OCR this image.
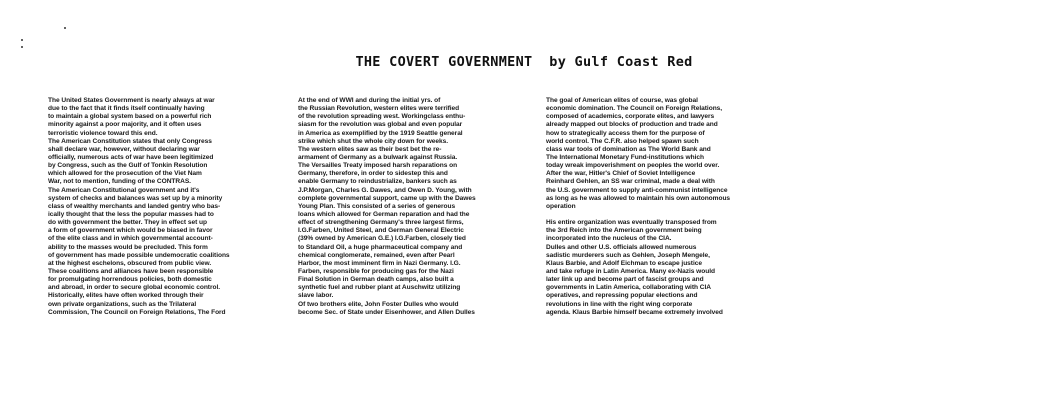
THE COVERT GOVERNMENT  by Gulf Coast Red
The United States Government is nearly always at war
due to the fact that it finds itself continually having
to maintain a global system based on a powerful rich
minority against a poor majority, and it often uses
terroristic violence toward this end.
The American Constitution states that only Congress
shall declare war, however, without declaring war
officially, numerous acts of war have been legitimized
by Congress, such as the Gulf of Tonkin Resolution
which allowed for the prosecution of the Viet Nam
War, not to mention, funding of the CONTRAS.
The American Constitutional government and it's
system of checks and balances was set up by a minority
class of wealthy merchants and landed gentry who bas-
ically thought that the less the popular masses had to
do with government the better. They in effect set up
a form of government which would be biased in favor
of the elite class and in which governmental account-
ability to the masses would be precluded. This form
of government has made possible undemocratic coalitions
at the highest eschelons, obscured from public view.
These coalitions and alliances have been responsible
for promulgating horrendous policies, both domestic
and abroad, in order to secure global economic control.
Historically, elites have often worked through their
own private organizations, such as the Trilateral
Commission, The Council on Foreign Relations, The Ford
At the end of WWI and during the initial yrs. of
the Russian Revolution, western elites were terrified
of the revolution spreading west. Workingclass enthu-
siasm for the revolution was global and even popular
in America as exemplified by the 1919 Seattle general
strike which shut the whole city down for weeks.
The western elites saw as their best bet the re-
armament of Germany as a bulwark against Russia.
The Versailles Treaty imposed harsh reparations on
Germany, therefore, in order to sidestep this and
enable Germany to reindustrialize, bankers such as
J.P.Morgan, Charles G. Dawes, and Owen D. Young, with
complete governmental support, came up with the Dawes
Young Plan. This consisted of a series of generous
loans which allowed for German reparation and had the
effect of strengthening Germany's three largest firms,
I.G.Farben, United Steel, and German General Electric
(39% owned by American G.E.) I.G.Farben, closely tied
to Standard Oil, a huge pharmaceutical company and
chemical conglomerate, remained, even after Pearl
Harbor, the most imminent firm in Nazi Germany. I.G.
Farben, responsible for producing gas for the Nazi
Final Solution in German death camps, also built a
synthetic fuel and rubber plant at Auschwitz utilizing
slave labor.
Of two brothers elite, John Foster Dulles who would
become Sec. of State under Eisenhower, and Allen Dulles
The goal of American elites of course, was global
economic domination. The Council on Foreign Relations,
composed of academics, corporate elites, and lawyers
already mapped out blocks of production and trade and
how to strategically access them for the purpose of
world control. The C.F.R. also helped spawn such
class war tools of domination as The World Bank and
The International Monetary Fund-institutions which
today wreak impoverishment on peoples the world over.
After the war, Hitler's Chief of Soviet Intelligence
Reinhard Gehlen, an SS war criminal, made a deal with
the U.S. government to supply anti-communist intelligence
as long as he was allowed to maintain his own autonomous
operation
His entire organization was eventually transposed from
the 3rd Reich into the American government being
incorporated into the nucleus of the CIA.
Dulles and other U.S. officials allowed numerous
sadistic murderers such as Gehlen, Joseph Mengele,
Klaus Barbie, and Adolf Eichman to escape justice
and take refuge in Latin America. Many ex-Nazis would
later link up and become part of fascist groups and
governments in Latin America, collaborating with CIA
operatives, and repressing popular elections and
revolutions in line with the right wing corporate
agenda. Klaus Barbie himself became extremely involved
